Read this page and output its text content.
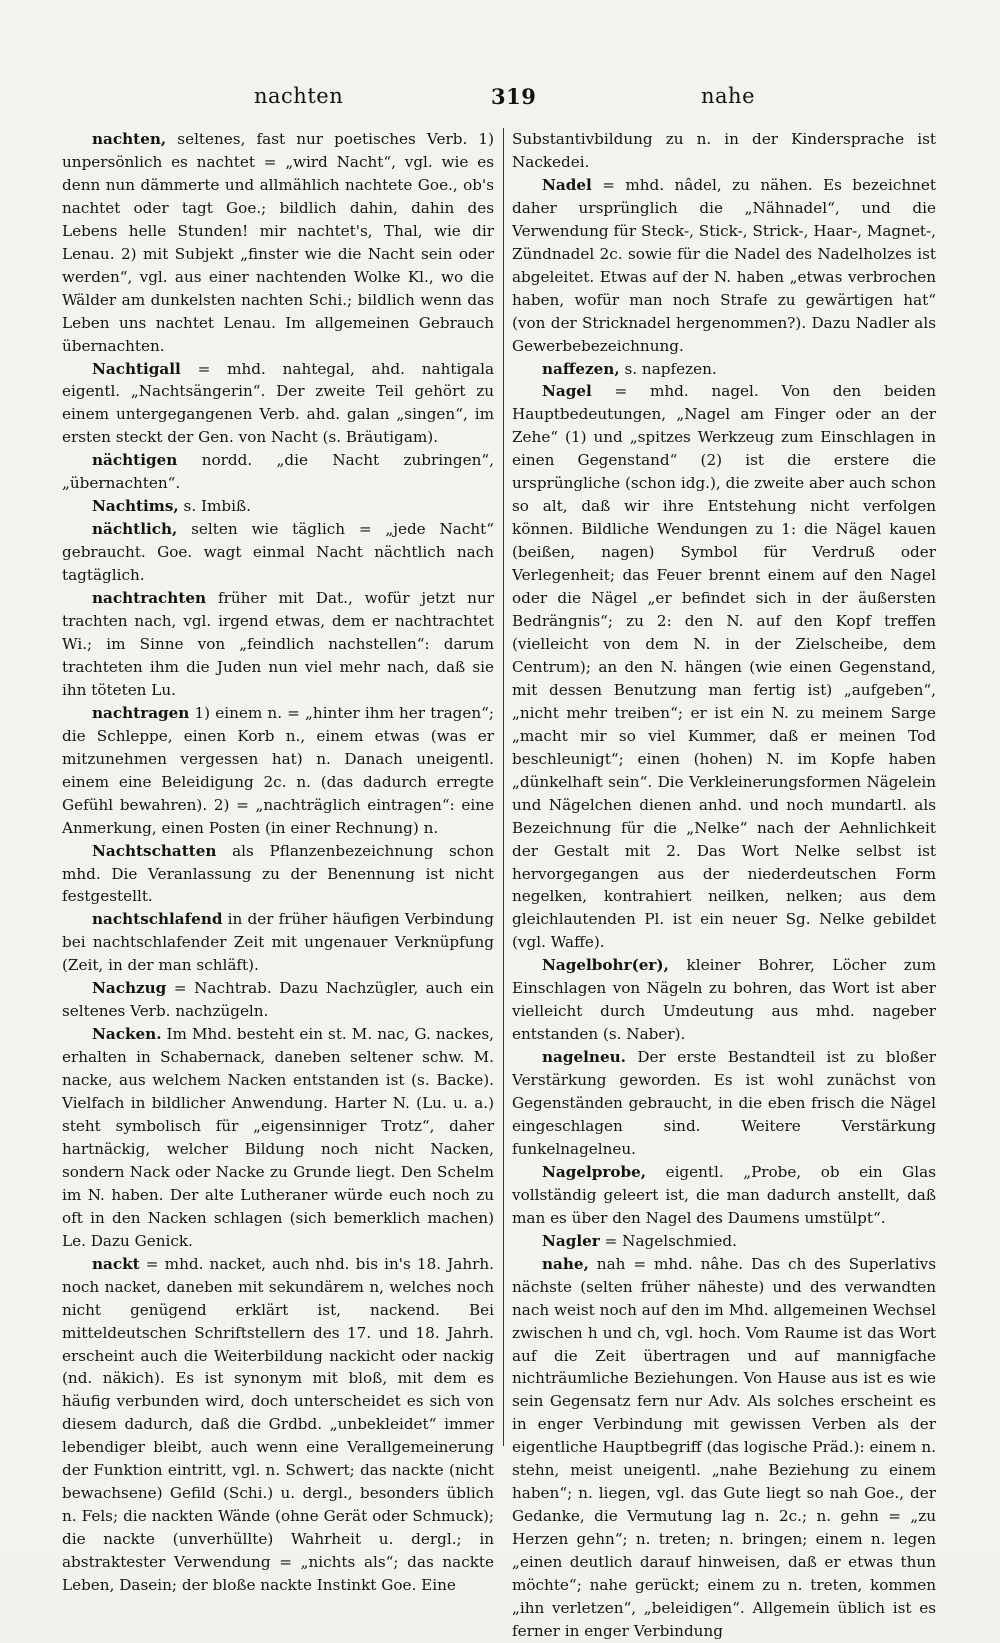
nachten	319	nahe

nachten, seltenes, fast nur poetisches Verb. 1) unpersönlich es nachtet = „wird Nacht“, vgl. wie es denn nun dämmerte und allmählich nachtete Goe., ob's nachtet oder tagt Goe.; bildlich dahin, dahin des Lebens helle Stunden! mir nachtet's, Thal, wie dir Lenau. 2) mit Subjekt „finster wie die Nacht sein oder werden“, vgl. aus einer nachtenden Wolke Kl., wo die Wälder am dunkelsten nachten Schi.; bildlich wenn das Leben uns nachtet Lenau. Im allgemeinen Gebrauch übernachten.

Nachtigall = mhd. nahtegal, ahd. nahtigala eigentl. „Nachtsängerin“. Der zweite Teil gehört zu einem untergegangenen Verb. ahd. galan „singen“, im ersten steckt der Gen. von Nacht (s. Bräutigam).

nächtigen nordd. „die Nacht zubringen“, „übernachten“.

Nachtims, s. Imbiß.

nächtlich, selten wie täglich = „jede Nacht“ gebraucht. Goe. wagt einmal Nacht nächtlich nach tagtäglich.

nachtrachten früher mit Dat., wofür jetzt nur trachten nach, vgl. irgend etwas, dem er nachtrachtet Wi.; im Sinne von „feindlich nachstellen“: darum trachteten ihm die Juden nun viel mehr nach, daß sie ihn töteten Lu.

nachtragen 1) einem n. = „hinter ihm her tragen“; die Schleppe, einen Korb n., einem etwas (was er mitzunehmen vergessen hat) n. Danach uneigentl. einem eine Beleidigung 2c. n. (das dadurch erregte Gefühl bewahren). 2) = „nachträglich eintragen“: eine Anmerkung, einen Posten (in einer Rechnung) n.

Nachtschatten als Pflanzenbezeichnung schon mhd. Die Veranlassung zu der Benennung ist nicht festgestellt.

nachtschlafend in der früher häufigen Verbindung bei nachtschlafender Zeit mit ungenauer Verknüpfung (Zeit, in der man schläft).

Nachzug = Nachtrab. Dazu Nachzügler, auch ein seltenes Verb. nachzügeln.

Nacken. Im Mhd. besteht ein st. M. nac, G. nackes, erhalten in Schabernack, daneben seltener schw. M. nacke, aus welchem Nacken entstanden ist (s. Backe). Vielfach in bildlicher Anwendung. Harter N. (Lu. u. a.) steht symbolisch für „eigensinniger Trotz“, daher hartnäckig, welcher Bildung noch nicht Nacken, sondern Nack oder Nacke zu Grunde liegt. Den Schelm im N. haben. Der alte Lutheraner würde euch noch zu oft in den Nacken schlagen (sich bemerklich machen) Le. Dazu Genick.

nackt = mhd. nacket, auch nhd. bis in's 18. Jahrh. noch nacket, daneben mit sekundärem n, welches noch nicht genügend erklärt ist, nackend. Bei mitteldeutschen Schriftstellern des 17. und 18. Jahrh. erscheint auch die Weiterbildung nackicht oder nackig (nd. näkich). Es ist synonym mit bloß, mit dem es häufig verbunden wird, doch unterscheidet es sich von diesem dadurch, daß die Grdbd. „unbekleidet“ immer lebendiger bleibt, auch wenn eine Verallgemeinerung der Funktion eintritt, vgl. n. Schwert; das nackte (nicht bewachsene) Gefild (Schi.) u. dergl., besonders üblich n. Fels; die nackten Wände (ohne Gerät oder Schmuck); die nackte (unverhüllte) Wahrheit u. dergl.; in abstraktester Verwendung = „nichts als“; das nackte Leben, Dasein; der bloße nackte Instinkt Goe. Eine

Substantivbildung zu n. in der Kindersprache ist Nackedei.

Nadel = mhd. nâdel, zu nähen. Es bezeichnet daher ursprünglich die „Nähnadel“, und die Verwendung für Steck-, Stick-, Strick-, Haar-, Magnet-, Zündnadel 2c. sowie für die Nadel des Nadelholzes ist abgeleitet. Etwas auf der N. haben „etwas verbrochen haben, wofür man noch Strafe zu gewärtigen hat“ (von der Stricknadel hergenommen?). Dazu Nadler als Gewerbebezeichnung.

naffezen, s. napfezen.

Nagel = mhd. nagel. Von den beiden Hauptbedeutungen, „Nagel am Finger oder an der Zehe“ (1) und „spitzes Werkzeug zum Einschlagen in einen Gegenstand“ (2) ist die erstere die ursprüngliche (schon idg.), die zweite aber auch schon so alt, daß wir ihre Entstehung nicht verfolgen können. Bildliche Wendungen zu 1: die Nägel kauen (beißen, nagen) Symbol für Verdruß oder Verlegenheit; das Feuer brennt einem auf den Nagel oder die Nägel „er befindet sich in der äußersten Bedrängnis“; zu 2: den N. auf den Kopf treffen (vielleicht von dem N. in der Zielscheibe, dem Centrum); an den N. hängen (wie einen Gegenstand, mit dessen Benutzung man fertig ist) „aufgeben“, „nicht mehr treiben“; er ist ein N. zu meinem Sarge „macht mir so viel Kummer, daß er meinen Tod beschleunigt“; einen (hohen) N. im Kopfe haben „dünkelhaft sein“. Die Verkleinerungsformen Nägelein und Nägelchen dienen anhd. und noch mundartl. als Bezeichnung für die „Nelke“ nach der Aehnlichkeit der Gestalt mit 2. Das Wort Nelke selbst ist hervorgegangen aus der niederdeutschen Form negelken, kontrahiert neilken, nelken; aus dem gleichlautenden Pl. ist ein neuer Sg. Nelke gebildet (vgl. Waffe).

Nagelbohr(er), kleiner Bohrer, Löcher zum Einschlagen von Nägeln zu bohren, das Wort ist aber vielleicht durch Umdeutung aus mhd. nageber entstanden (s. Naber).

nagelneu. Der erste Bestandteil ist zu bloßer Verstärkung geworden. Es ist wohl zunächst von Gegenständen gebraucht, in die eben frisch die Nägel eingeschlagen sind. Weitere Verstärkung funkelnagelneu.

Nagelprobe, eigentl. „Probe, ob ein Glas vollständig geleert ist, die man dadurch anstellt, daß man es über den Nagel des Daumens umstülpt“.

Nagler = Nagelschmied.

nahe, nah = mhd. nâhe. Das ch des Superlativs nächste (selten früher näheste) und des verwandten nach weist noch auf den im Mhd. allgemeinen Wechsel zwischen h und ch, vgl. hoch. Vom Raume ist das Wort auf die Zeit übertragen und auf mannigfache nichträumliche Beziehungen. Von Hause aus ist es wie sein Gegensatz fern nur Adv. Als solches erscheint es in enger Verbindung mit gewissen Verben als der eigentliche Hauptbegriff (das logische Präd.): einem n. stehn, meist uneigentl. „nahe Beziehung zu einem haben“; n. liegen, vgl. das Gute liegt so nah Goe., der Gedanke, die Vermutung lag n. 2c.; n. gehn = „zu Herzen gehn“; n. treten; n. bringen; einem n. legen „einen deutlich darauf hinweisen, daß er etwas thun möchte“; nahe gerückt; einem zu n. treten, kommen „ihn verletzen“, „beleidigen“. Allgemein üblich ist es ferner in enger Verbindung
